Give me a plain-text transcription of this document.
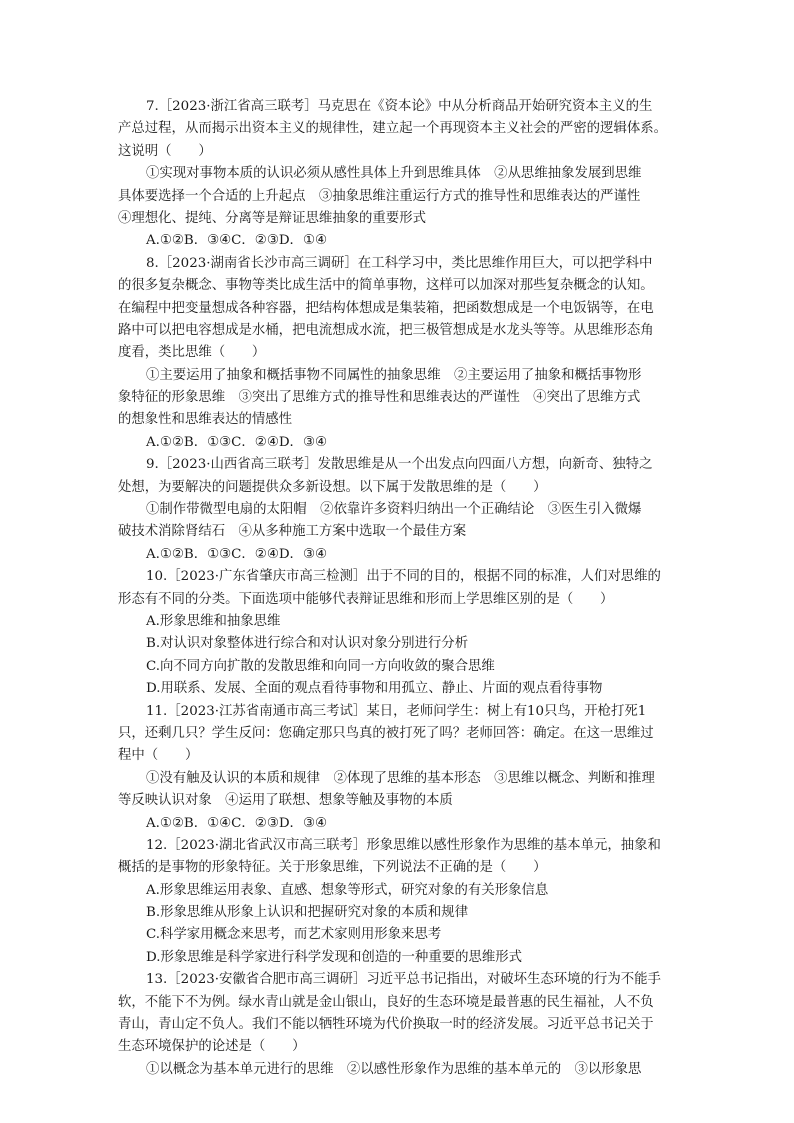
7.［2023·浙江省高三联考］马克思在《资本论》中从分析商品开始研究资本主义的生
产总过程，从而揭示出资本主义的规律性，建立起一个再现资本主义社会的严密的逻辑体系。
这说明（　　）
①实现对事物本质的认识必须从感性具体上升到思维具体　②从思维抽象发展到思维
具体要选择一个合适的上升起点　③抽象思维注重运行方式的推导性和思维表达的严谨性
④理想化、提纯、分离等是辩证思维抽象的重要形式
A.①②B．③④C．②③D．①④
8.［2023·湖南省长沙市高三调研］在工科学习中，类比思维作用巨大，可以把学科中
的很多复杂概念、事物等类比成生活中的简单事物，这样可以加深对那些复杂概念的认知。
在编程中把变量想成各种容器，把结构体想成是集装箱，把函数想成是一个电饭锅等，在电
路中可以把电容想成是水桶，把电流想成水流，把三极管想成是水龙头等等。从思维形态角
度看，类比思维（　　）
①主要运用了抽象和概括事物不同属性的抽象思维　②主要运用了抽象和概括事物形
象特征的形象思维　③突出了思维方式的推导性和思维表达的严谨性　④突出了思维方式
的想象性和思维表达的情感性
A.①②B．①③C．②④D．③④
9.［2023·山西省高三联考］发散思维是从一个出发点向四面八方想，向新奇、独特之
处想，为要解决的问题提供众多新设想。以下属于发散思维的是（　　）
①制作带微型电扇的太阳帽　②依靠许多资料归纳出一个正确结论　③医生引入微爆
破技术消除肾结石　④从多种施工方案中选取一个最佳方案
A.①②B．①③C．②④D．③④
10.［2023·广东省肇庆市高三检测］出于不同的目的，根据不同的标准，人们对思维的
形态有不同的分类。下面选项中能够代表辩证思维和形而上学思维区别的是（　　）
A.形象思维和抽象思维
B.对认识对象整体进行综合和对认识对象分别进行分析
C.向不同方向扩散的发散思维和向同一方向收敛的聚合思维
D.用联系、发展、全面的观点看待事物和用孤立、静止、片面的观点看待事物
11.［2023·江苏省南通市高三考试］某日，老师问学生：树上有10只鸟，开枪打死1
只，还剩几只？学生反问：您确定那只鸟真的被打死了吗？老师回答：确定。在这一思维过
程中（　　）
①没有触及认识的本质和规律　②体现了思维的基本形态　③思维以概念、判断和推理
等反映认识对象　④运用了联想、想象等触及事物的本质
A.①②B．①④C．②③D．③④
12.［2023·湖北省武汉市高三联考］形象思维以感性形象作为思维的基本单元，抽象和
概括的是事物的形象特征。关于形象思维，下列说法不正确的是（　　）
A.形象思维运用表象、直感、想象等形式，研究对象的有关形象信息
B.形象思维从形象上认识和把握研究对象的本质和规律
C.科学家用概念来思考，而艺术家则用形象来思考
D.形象思维是科学家进行科学发现和创造的一种重要的思维形式
13.［2023·安徽省合肥市高三调研］习近平总书记指出，对破坏生态环境的行为不能手
软，不能下不为例。绿水青山就是金山银山，良好的生态环境是最普惠的民生福祉，人不负
青山，青山定不负人。我们不能以牺牲环境为代价换取一时的经济发展。习近平总书记关于
生态环境保护的论述是（　　）
①以概念为基本单元进行的思维　②以感性形象作为思维的基本单元的　③以形象思
